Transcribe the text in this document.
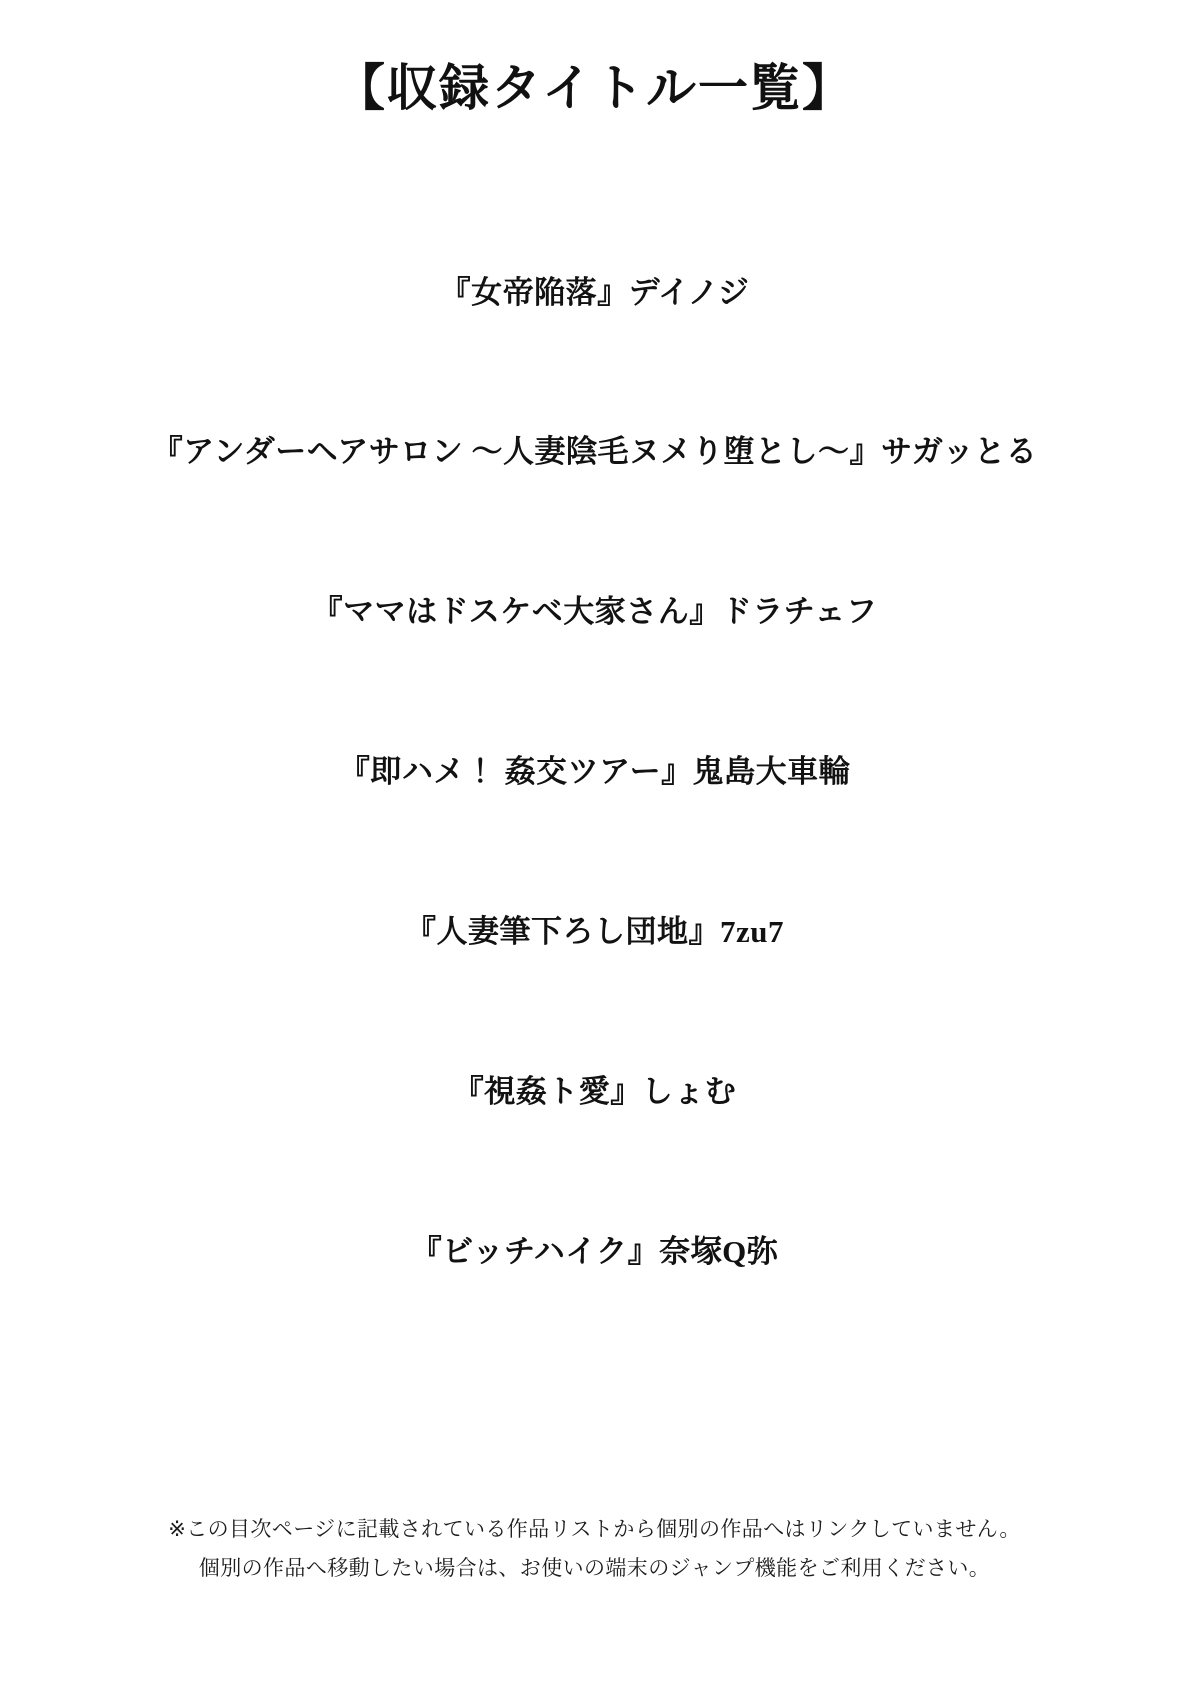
【収録タイトル一覧】
『女帝陥落』デイノジ
『アンダーヘアサロン ～人妻陰毛ヌメり堕とし～』サガッとる
『ママはドスケベ大家さん』ドラチェフ
『即ハメ！ 姦交ツアー』鬼島大車輪
『人妻筆下ろし団地』7zu7
『視姦ト愛』しょむ
『ビッチハイク』奈塚Q弥
※この目次ページに記載されている作品リストから個別の作品へはリンクしていません。
個別の作品へ移動したい場合は、お使いの端末のジャンプ機能をご利用ください。
